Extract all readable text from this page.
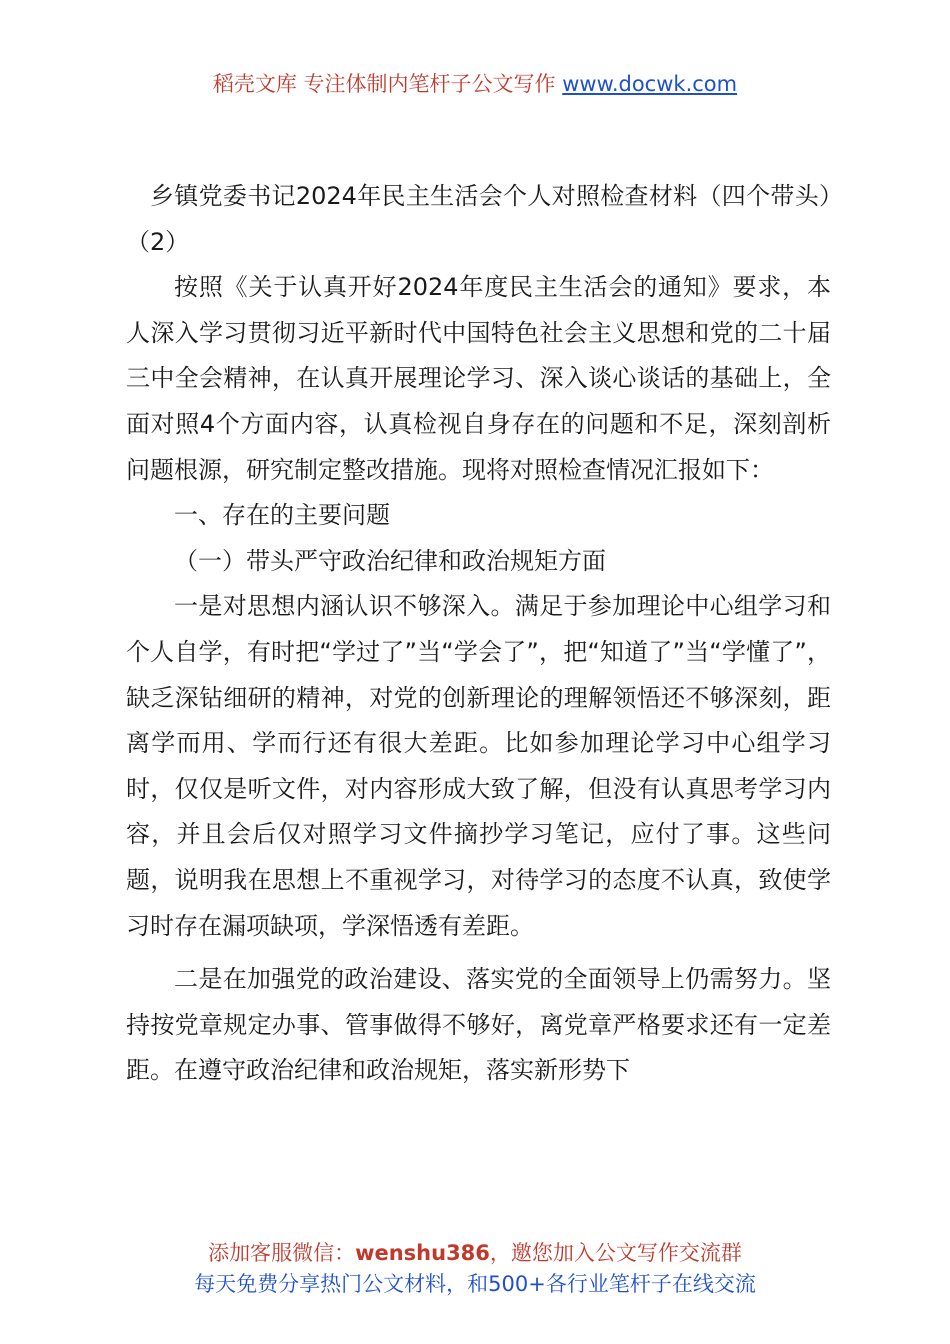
稻壳文库 专注体制内笔杆子公文写作 www.docwk.com

乡镇党委书记2024年民主生活会个人对照检查材料（四个带头）（2）

按照《关于认真开好2024年度民主生活会的通知》要求，本人深入学习贯彻习近平新时代中国特色社会主义思想和党的二十届三中全会精神，在认真开展理论学习、深入谈心谈话的基础上，全面对照4个方面内容，认真检视自身存在的问题和不足，深刻剖析问题根源，研究制定整改措施。现将对照检查情况汇报如下：

一、存在的主要问题

（一）带头严守政治纪律和政治规矩方面

一是对思想内涵认识不够深入。满足于参加理论中心组学习和个人自学，有时把“学过了”当“学会了”，把“知道了”当“学懂了”，缺乏深钻细研的精神，对党的创新理论的理解领悟还不够深刻，距离学而用、学而行还有很大差距。比如参加理论学习中心组学习时，仅仅是听文件，对内容形成大致了解，但没有认真思考学习内容，并且会后仅对照学习文件摘抄学习笔记，应付了事。这些问题，说明我在思想上不重视学习，对待学习的态度不认真，致使学习时存在漏项缺项，学深悟透有差距。

二是在加强党的政治建设、落实党的全面领导上仍需努力。坚持按党章规定办事、管事做得不够好，离党章严格要求还有一定差距。在遵守政治纪律和政治规矩，落实新形势下

添加客服微信：wenshu386，邀您加入公文写作交流群
每天免费分享热门公文材料，和500+各行业笔杆子在线交流
